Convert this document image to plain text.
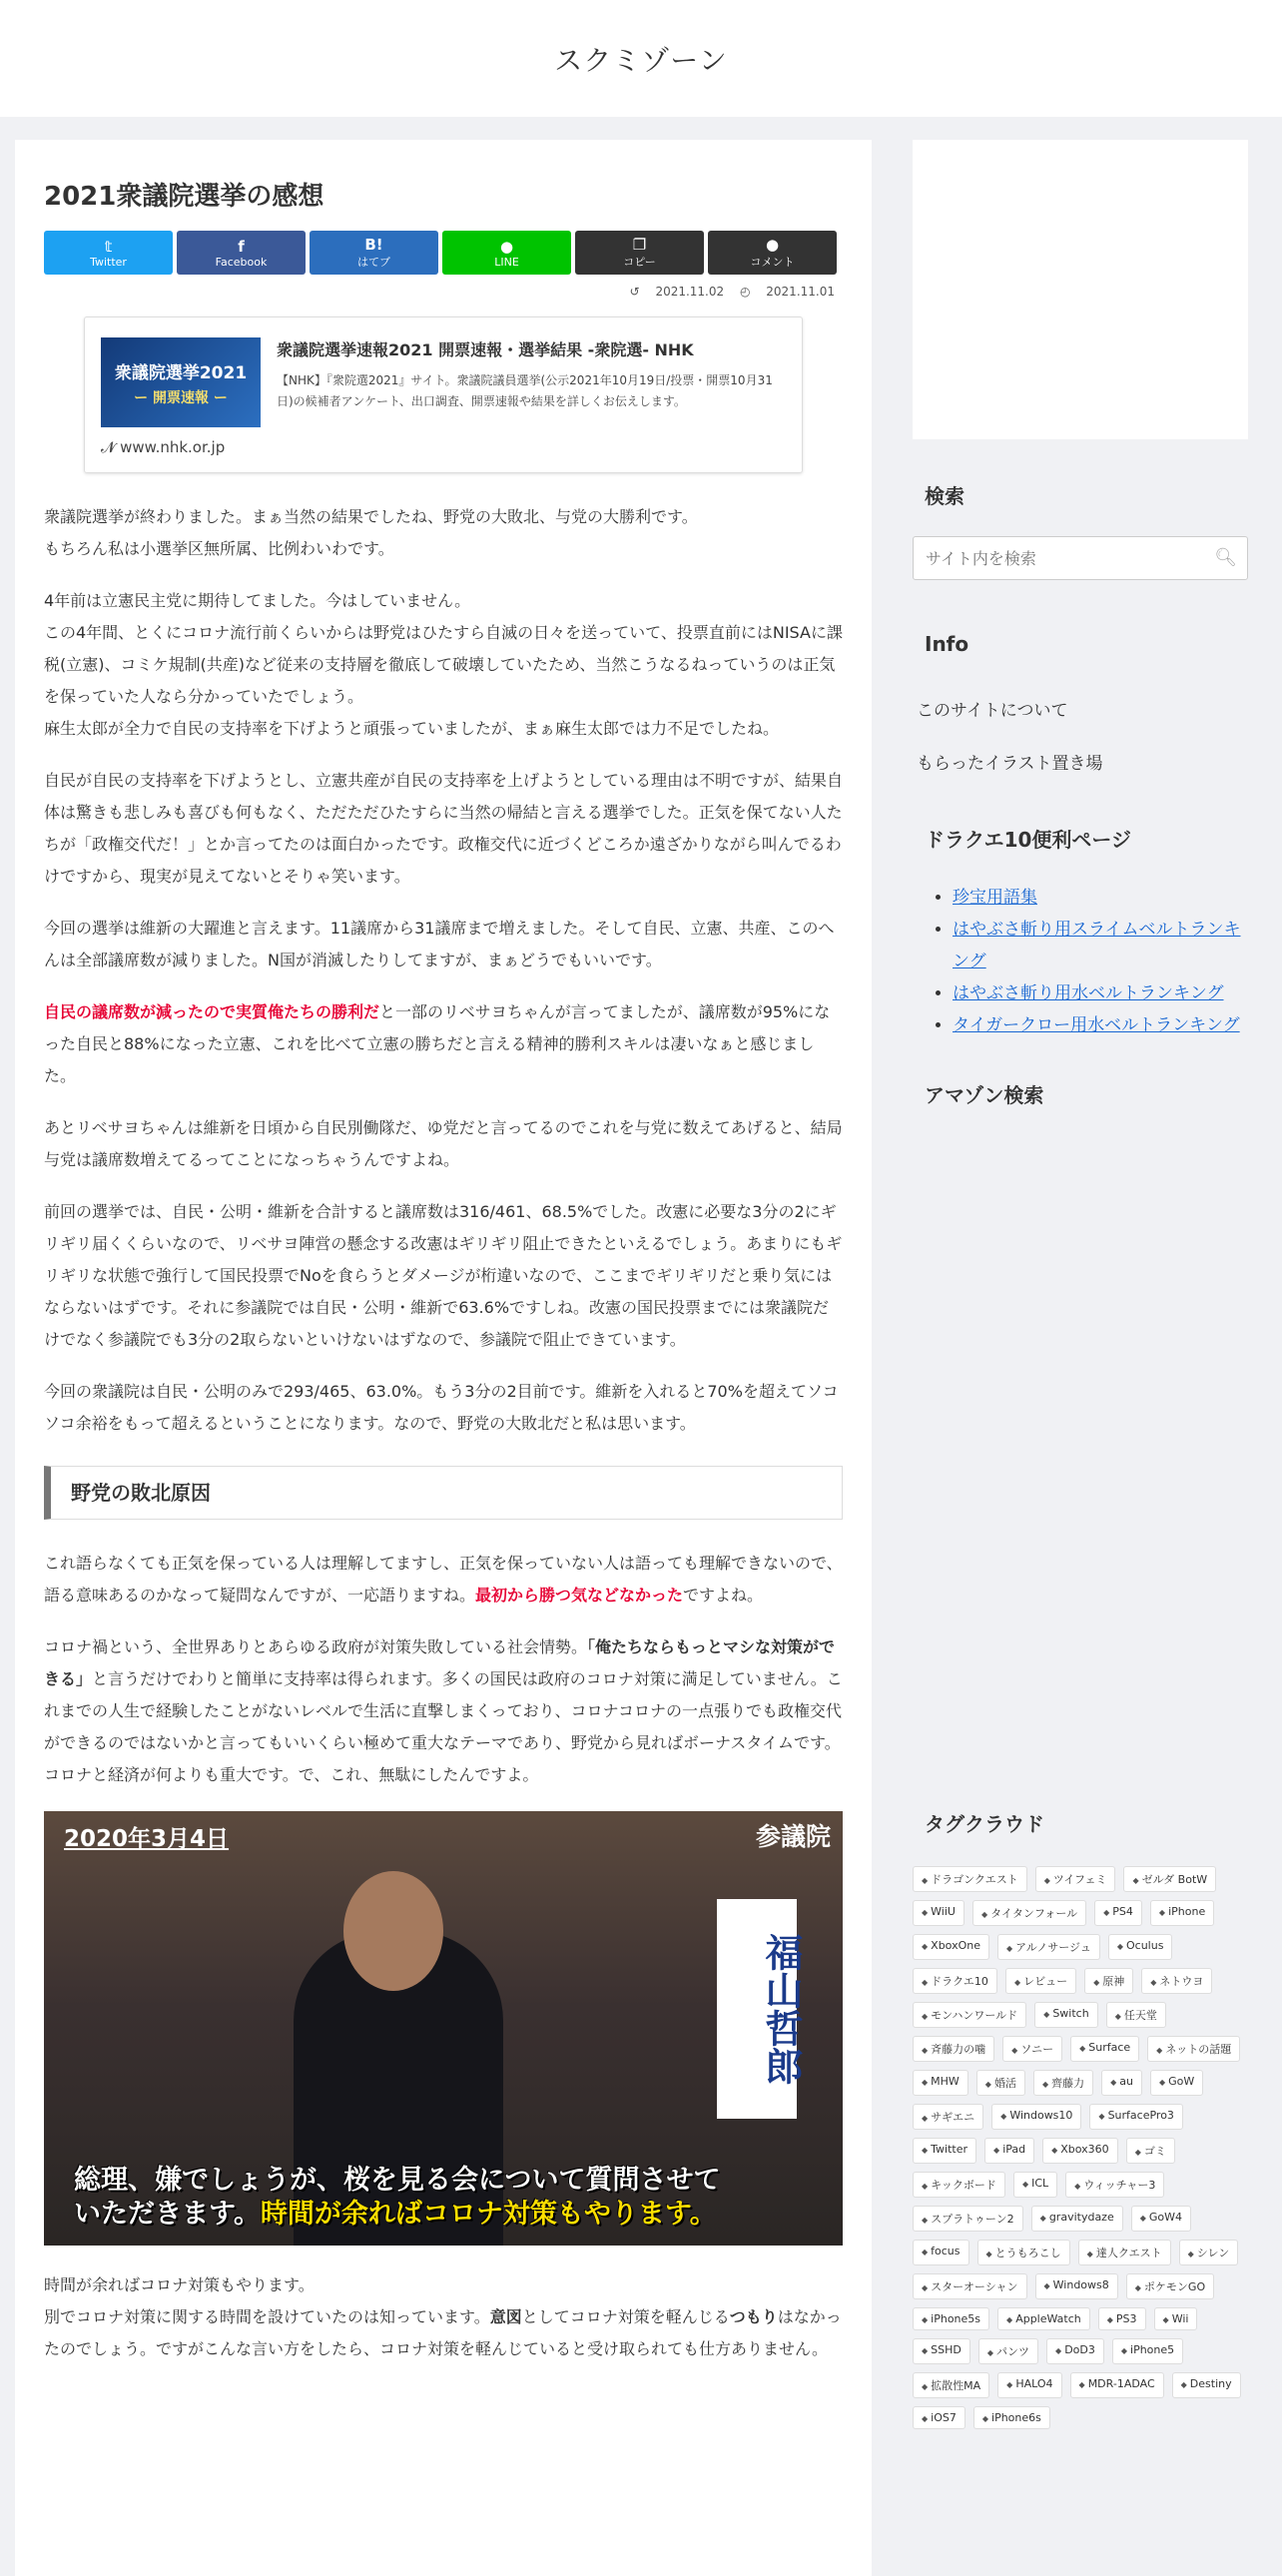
スクミゾーン
2021衆議院選挙の感想
𝕥
Twitter
f
Facebook
B!
はてブ
●
LINE
❐
コピー
●
コメント
↺ 2021.11.02 ◴ 2021.11.01
衆議院選挙2021
ー 開票速報 ー
衆議院選挙速報2021 開票速報・選挙結果 -衆院選- NHK
【NHK】『衆院選2021』サイト。衆議院議員選挙(公示2021年10月19日/投票・開票10月31日)の候補者アンケート、出口調査、開票速報や結果を詳しくお伝えします。
𝓝 www.nhk.or.jp

衆議院選挙が終わりました。まぁ当然の結果でしたね、野党の大敗北、与党の大勝利です。
もちろん私は小選挙区無所属、比例わいわです。

4年前は立憲民主党に期待してました。今はしていません。
この4年間、とくにコロナ流行前くらいからは野党はひたすら自滅の日々を送っていて、投票直前にはNISAに課税(立憲)、コミケ規制(共産)など従来の支持層を徹底して破壊していたため、当然こうなるねっていうのは正気を保っていた人なら分かっていたでしょう。
麻生太郎が全力で自民の支持率を下げようと頑張っていましたが、まぁ麻生太郎では力不足でしたね。

自民が自民の支持率を下げようとし、立憲共産が自民の支持率を上げようとしている理由は不明ですが、結果自体は驚きも悲しみも喜びも何もなく、ただただひたすらに当然の帰結と言える選挙でした。正気を保てない人たちが「政権交代だ！」とか言ってたのは面白かったです。政権交代に近づくどころか遠ざかりながら叫んでるわけですから、現実が見えてないとそりゃ笑います。

今回の選挙は維新の大躍進と言えます。11議席から31議席まで増えました。そして自民、立憲、共産、このへんは全部議席数が減りました。N国が消滅したりしてますが、まぁどうでもいいです。

自民の議席数が減ったので実質俺たちの勝利だと一部のリベサヨちゃんが言ってましたが、議席数が95%になった自民と88%になった立憲、これを比べて立憲の勝ちだと言える精神的勝利スキルは凄いなぁと感じました。

あとリベサヨちゃんは維新を日頃から自民別働隊だ、ゆ党だと言ってるのでこれを与党に数えてあげると、結局与党は議席数増えてるってことになっちゃうんですよね。

前回の選挙では、自民・公明・維新を合計すると議席数は316/461、68.5%でした。改憲に必要な3分の2にギリギリ届くくらいなので、リベサヨ陣営の懸念する改憲はギリギリ阻止できたといえるでしょう。あまりにもギリギリな状態で強行して国民投票でNoを食らうとダメージが桁違いなので、ここまでギリギリだと乗り気にはならないはずです。それに参議院では自民・公明・維新で63.6%ですしね。改憲の国民投票までには衆議院だけでなく参議院でも3分の2取らないといけないはずなので、参議院で阻止できています。

今回の衆議院は自民・公明のみで293/465、63.0%。もう3分の2目前です。維新を入れると70%を超えてソコソコ余裕をもって超えるということになります。なので、野党の大敗北だと私は思います。

野党の敗北原因

これ語らなくても正気を保っている人は理解してますし、正気を保っていない人は語っても理解できないので、語る意味あるのかなって疑問なんですが、一応語りますね。最初から勝つ気などなかったですよね。

コロナ禍という、全世界ありとあらゆる政府が対策失敗している社会情勢。「俺たちならもっとマシな対策ができる」と言うだけでわりと簡単に支持率は得られます。多くの国民は政府のコロナ対策に満足していません。これまでの人生で経験したことがないレベルで生活に直撃しまくっており、コロナコロナの一点張りでも政権交代ができるのではないかと言ってもいいくらい極めて重大なテーマであり、野党から見ればボーナスタイムです。コロナと経済が何よりも重大です。で、これ、無駄にしたんですよ。

2020年3月4日	参議院
福山哲郎
総理、嫌でしょうが、桜を見る会について質問させて
いただきます。時間が余ればコロナ対策もやります。

時間が余ればコロナ対策もやります。
別でコロナ対策に関する時間を設けていたのは知っています。意図としてコロナ対策を軽んじるつもりはなかったのでしょう。ですがこんな言い方をしたら、コロナ対策を軽んじていると受け取られても仕方ありません。

検索
サイト内を検索
🔍︎
Info
このサイトについて
もらったイラスト置き場
ドラクエ10便利ページ
• 珍宝用語集
• はやぶさ斬り用スライムベルトランキング
• はやぶさ斬り用水ベルトランキング
• タイガークロー用水ベルトランキング
アマゾン検索
タグクラウド
◆ ドラゴンクエスト	◆ ツイフェミ	◆ ゼルダ BotW
◆ WiiU	◆ タイタンフォール	◆ PS4	◆ iPhone
◆ XboxOne	◆ アルノサージュ	◆ Oculus
◆ ドラクエ10	◆ レビュー	◆ 原神	◆ ネトウヨ
◆ モンハンワールド	◆ Switch	◆ 任天堂
◆ 斉藤力の噛	◆ ソニー	◆ Surface	◆ ネットの話題
◆ MHW	◆ 婚活	◆ 齊藤力	◆ au	◆ GoW
◆ サギエニ	◆ Windows10	◆ SurfacePro3
◆ Twitter	◆ iPad	◆ Xbox360	◆ ゴミ
◆ キックボード	◆ ICL	◆ ウィッチャー3
◆ スプラトゥーン2	◆ gravitydaze	◆ GoW4
◆ focus	◆ とうもろこし	◆ 達人クエスト	◆ シレン
◆ スターオーシャン	◆ Windows8	◆ ポケモンGO
◆ iPhone5s	◆ AppleWatch	◆ PS3	◆ Wii
◆ SSHD	◆ パンツ	◆ DoD3	◆ iPhone5
◆ 拡散性MA	◆ HALO4	◆ MDR-1ADAC	◆ Destiny
◆ iOS7	◆ iPhone6s
